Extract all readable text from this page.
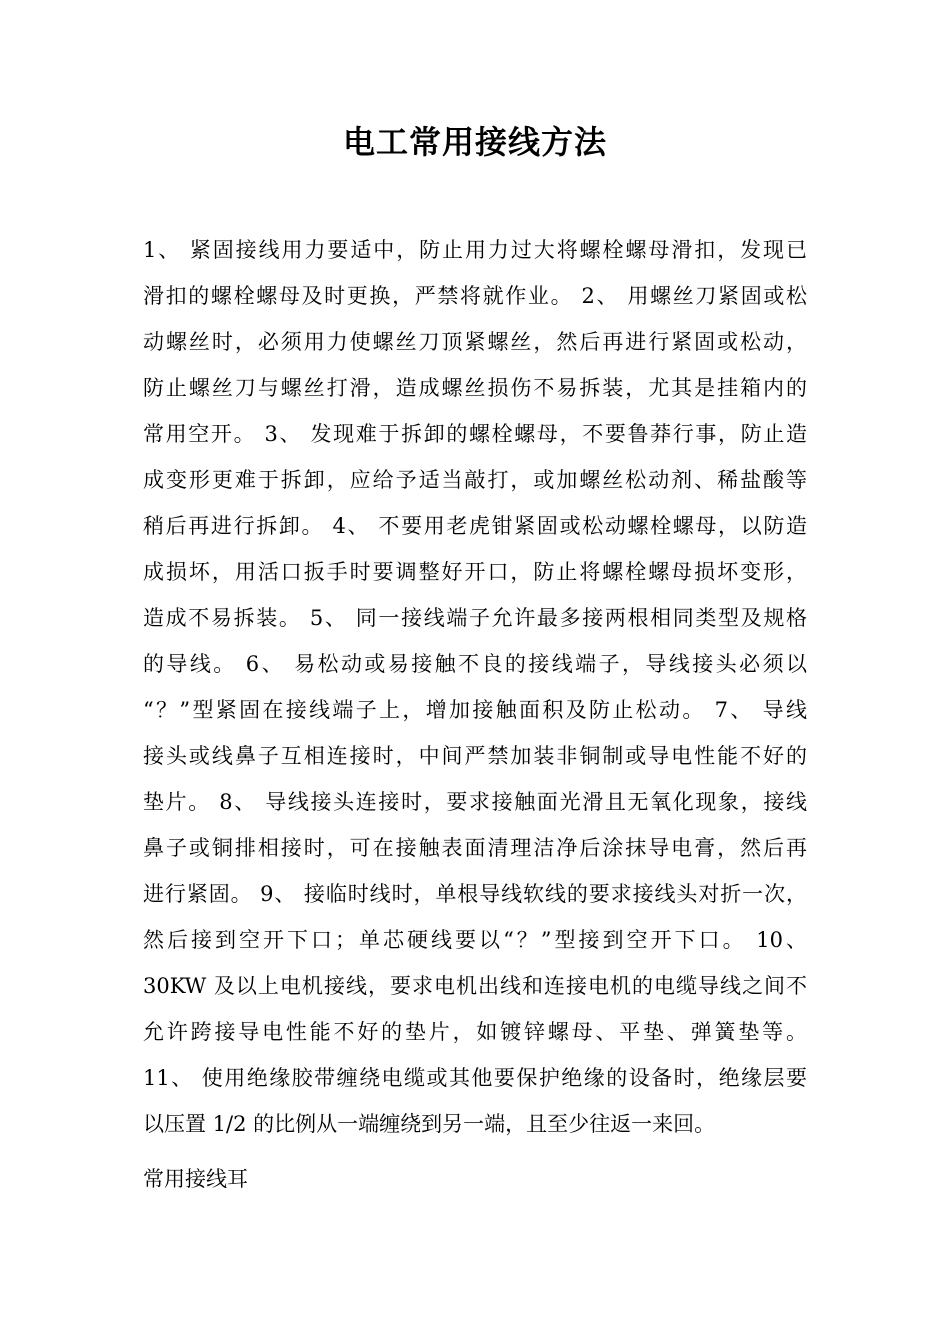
电工常用接线方法
1、 紧固接线用力要适中，防止用力过大将螺栓螺母滑扣，发现已
滑扣的螺栓螺母及时更换，严禁将就作业。 2、 用螺丝刀紧固或松
动螺丝时，必须用力使螺丝刀顶紧螺丝，然后再进行紧固或松动，
防止螺丝刀与螺丝打滑，造成螺丝损伤不易拆装，尤其是挂箱内的
常用空开。 3、 发现难于拆卸的螺栓螺母，不要鲁莽行事，防止造
成变形更难于拆卸，应给予适当敲打，或加螺丝松动剂、稀盐酸等
稍后再进行拆卸。 4、 不要用老虎钳紧固或松动螺栓螺母，以防造
成损坏，用活口扳手时要调整好开口，防止将螺栓螺母损坏变形，
造成不易拆装。 5、 同一接线端子允许最多接两根相同类型及规格
的导线。 6、 易松动或易接触不良的接线端子，导线接头必须以
“？”型紧固在接线端子上，增加接触面积及防止松动。 7、 导线
接头或线鼻子互相连接时，中间严禁加装非铜制或导电性能不好的
垫片。 8、 导线接头连接时，要求接触面光滑且无氧化现象，接线
鼻子或铜排相接时，可在接触表面清理洁净后涂抹导电膏，然后再
进行紧固。 9、 接临时线时，单根导线软线的要求接线头对折一次，
然后接到空开下口；单芯硬线要以“？”型接到空开下口。 10、
30KW 及以上电机接线，要求电机出线和连接电机的电缆导线之间不
允许跨接导电性能不好的垫片，如镀锌螺母、平垫、弹簧垫等。
11、 使用绝缘胶带缠绕电缆或其他要保护绝缘的设备时，绝缘层要
以压置 1/2 的比例从一端缠绕到另一端，且至少往返一来回。
常用接线耳
